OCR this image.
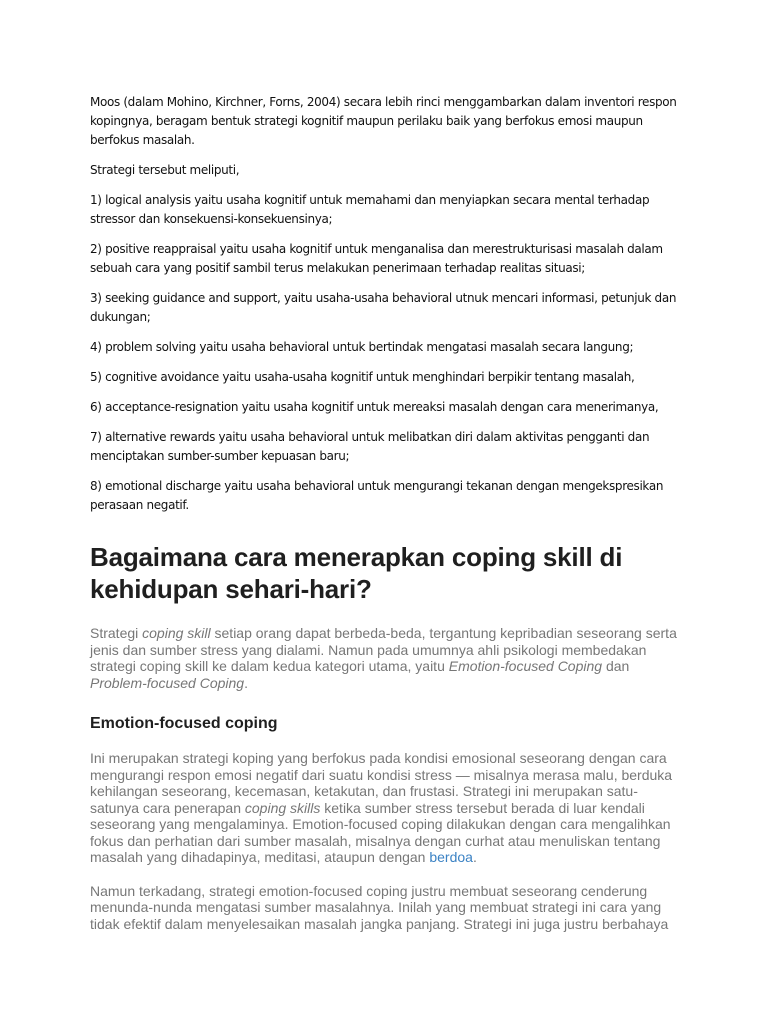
Moos (dalam Mohino, Kirchner, Forns, 2004) secara lebih rinci menggambarkan dalam inventori respon kopingnya, beragam bentuk strategi kognitif maupun perilaku baik yang berfokus emosi maupun berfokus masalah.

Strategi tersebut meliputi,

1) logical analysis yaitu usaha kognitif untuk memahami dan menyiapkan secara mental terhadap stressor dan konsekuensi-konsekuensinya;

2) positive reappraisal yaitu usaha kognitif untuk menganalisa dan merestrukturisasi masalah dalam sebuah cara yang positif sambil terus melakukan penerimaan terhadap realitas situasi;

3) seeking guidance and support, yaitu usaha-usaha behavioral utnuk mencari informasi, petunjuk dan dukungan;

4) problem solving yaitu usaha behavioral untuk bertindak mengatasi masalah secara langung;

5) cognitive avoidance yaitu usaha-usaha kognitif untuk menghindari berpikir tentang masalah,

6) acceptance-resignation yaitu usaha kognitif untuk mereaksi masalah dengan cara menerimanya,

7) alternative rewards yaitu usaha behavioral untuk melibatkan diri dalam aktivitas pengganti dan menciptakan sumber-sumber kepuasan baru;

8) emotional discharge yaitu usaha behavioral untuk mengurangi tekanan dengan mengekspresikan perasaan negatif.

Bagaimana cara menerapkan coping skill di kehidupan sehari-hari?

Strategi coping skill setiap orang dapat berbeda-beda, tergantung kepribadian seseorang serta jenis dan sumber stress yang dialami. Namun pada umumnya ahli psikologi membedakan strategi coping skill ke dalam kedua kategori utama, yaitu Emotion-focused Coping dan Problem-focused Coping.

Emotion-focused coping

Ini merupakan strategi koping yang berfokus pada kondisi emosional seseorang dengan cara mengurangi respon emosi negatif dari suatu kondisi stress — misalnya merasa malu, berduka kehilangan seseorang, kecemasan, ketakutan, dan frustasi. Strategi ini merupakan satu-satunya cara penerapan coping skills ketika sumber stress tersebut berada di luar kendali seseorang yang mengalaminya. Emotion-focused coping dilakukan dengan cara mengalihkan fokus dan perhatian dari sumber masalah, misalnya dengan curhat atau menuliskan tentang masalah yang dihadapinya, meditasi, ataupun dengan berdoa.

Namun terkadang, strategi emotion-focused coping justru membuat seseorang cenderung menunda-nunda mengatasi sumber masalahnya. Inilah yang membuat strategi ini cara yang tidak efektif dalam menyelesaikan masalah jangka panjang. Strategi ini juga justru berbahaya
